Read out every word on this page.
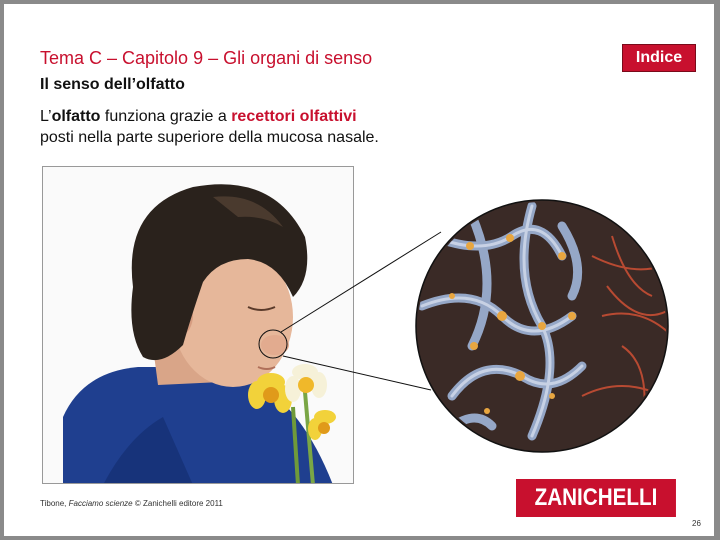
Tema C – Capitolo 9 – Gli organi di senso	Indice
Il senso dell’olfatto
L’olfatto funziona grazie a recettori olfattivi
posti nella parte superiore della mucosa nasale.
Tibone, Facciamo scienze © Zanichelli editore 2011	ZANICHELLI
26
